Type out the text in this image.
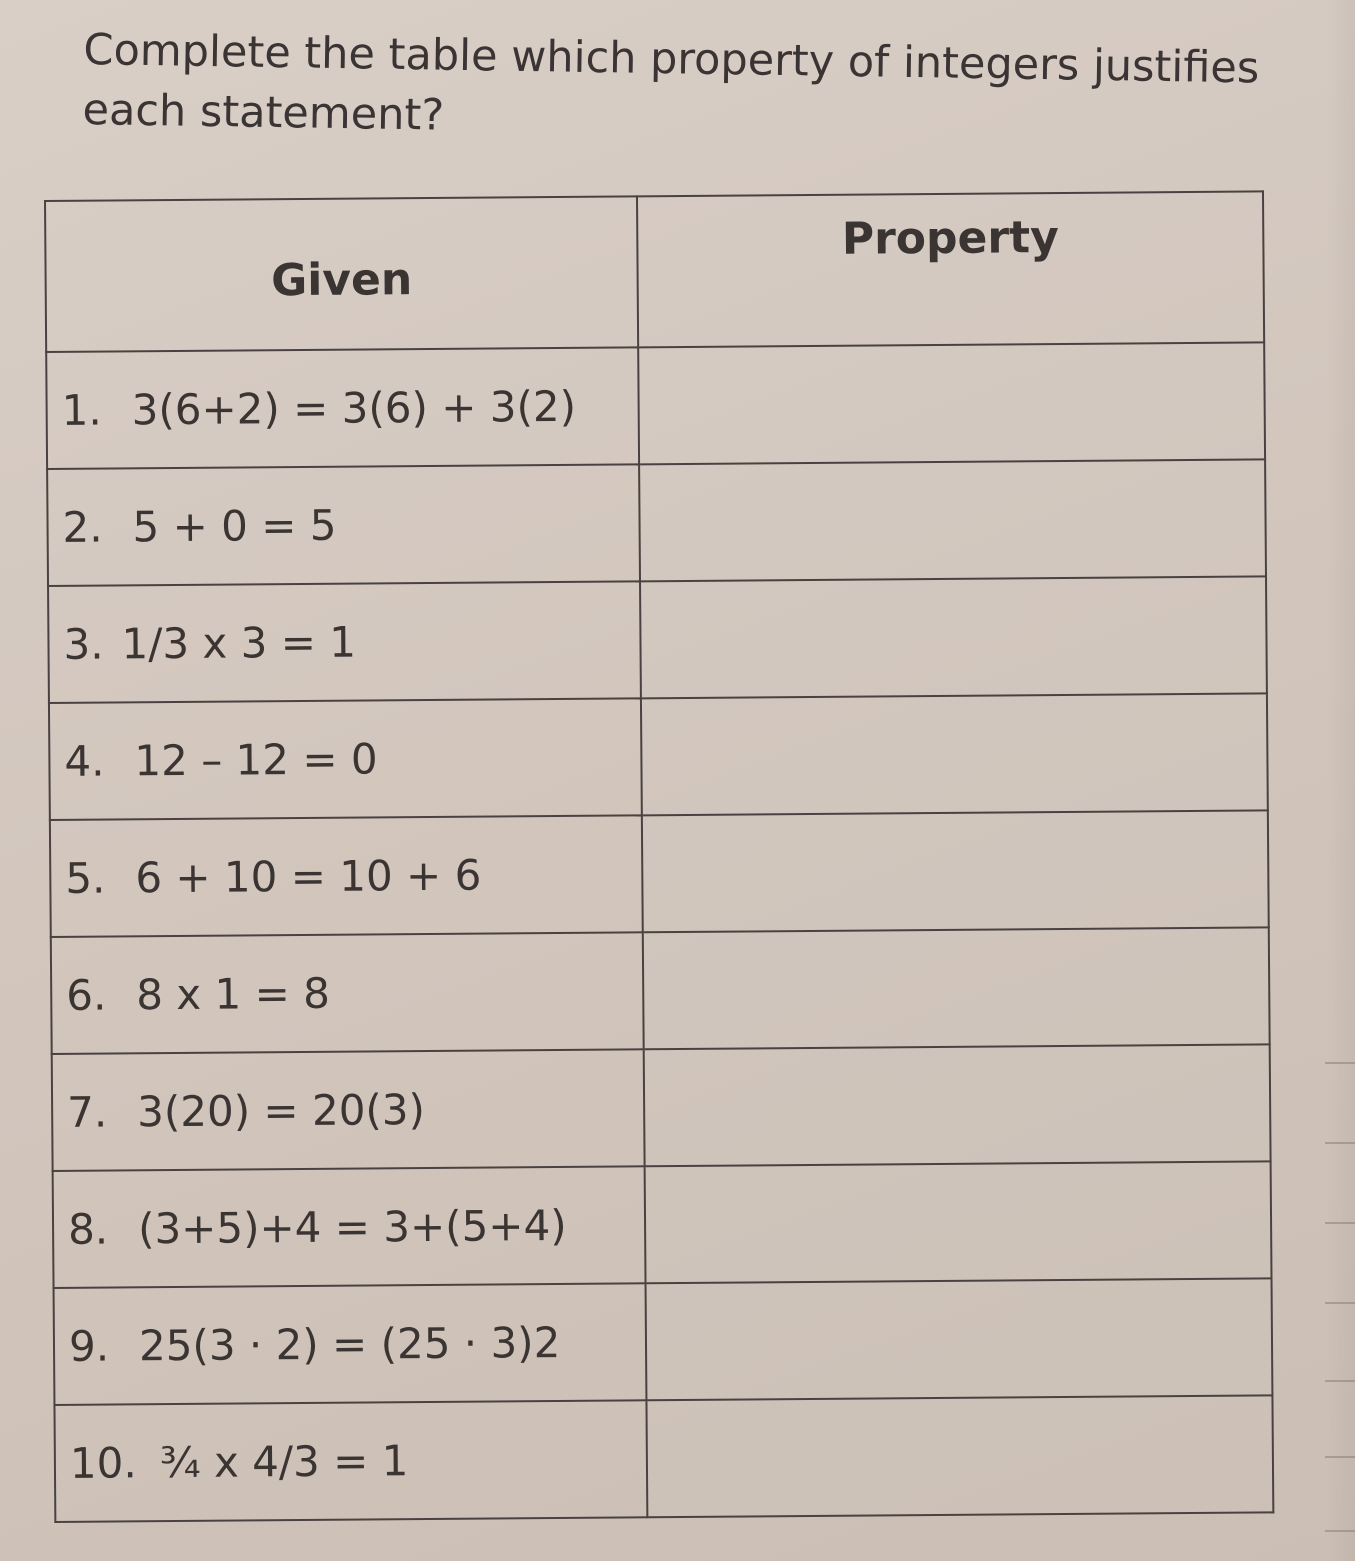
Complete the table which property of integers justifies each statement?
Given	Property
1. 3(6+2) = 3(6) + 3(2)	
2. 5 + 0 = 5	
3. 1/3 x 3 = 1	
4. 12 – 12 = 0	
5. 6 + 10 = 10 + 6	
6. 8 x 1 = 8	
7. 3(20) = 20(3)	
8. (3+5)+4 = 3+(5+4)	
9. 25(3 · 2) = (25 · 3)2	
10. ¾ x 4/3 = 1	
